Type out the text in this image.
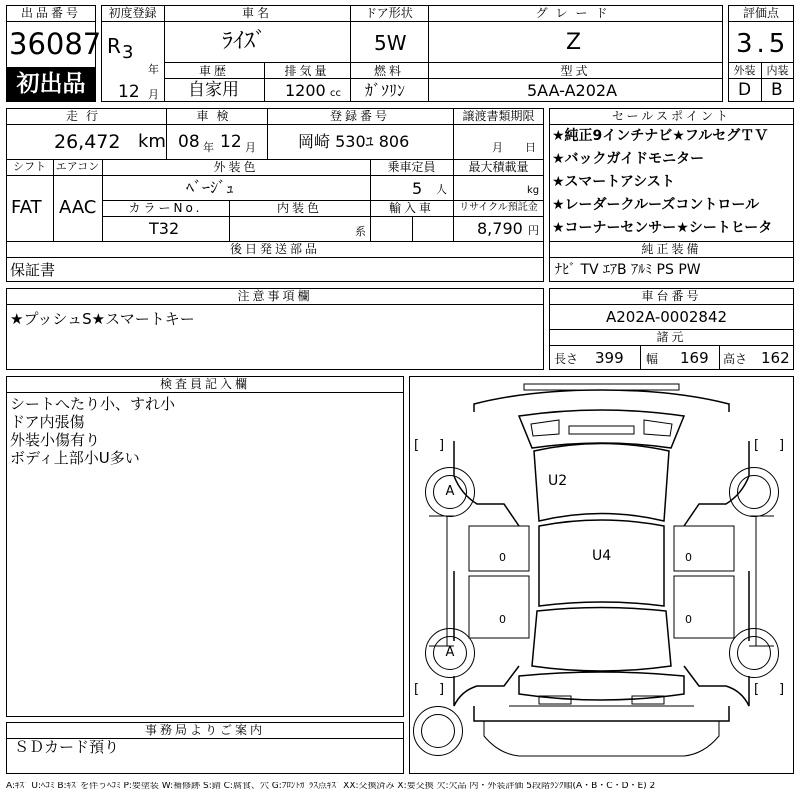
出品番号
36087
初出品
初度登録
R 3
年
12 月
車名
ﾗｲｽﾞ
ドア形状
5W
グレード
Z
車歴
自家用
排気量
1200 cc
燃料
ｶﾞｿﾘﾝ
型式
5AA-A202A
評価点
3.5
外装	内装
D B
走行
26,472 km
車検
08 年 12 月
登録番号
岡崎 530ﾕ 806
譲渡書類期限
月 日
シフト
FAT
エアコン
AAC
外装色
ﾍﾞｰｼﾞｭ
乗車定員
5 人
最大積載量
kg
カラーNo.
T32
内装色
系
輸入車	リサイクル預託金
8,790 円
後日発送部品
保証書
セールスポイント
★純正9インチナビ★フルセグＴＶ
★バックガイドモニター
★スマートアシスト
★レーダークルーズコントロール
★コーナーセンサー★シートヒータ
純正装備
ﾅﾋﾞ TV ｴｱB ｱﾙﾐ PS PW
注意事項欄
★プッシュS★スマートキー
車台番号
A202A-0002842
諸元
長さ 399 幅 169 高さ 162
検査員記入欄
シートへたり小、すれ小
ドア内張傷
外装小傷有り
ボディ上部小U多い
[ ]	[ ]
[ ]	[ ]
0
0
0
0
U2
U4
A
A
事務局よりご案内
ＳＤカード預り
A:ｷｽﾞ U:ﾍｺﾐ B:ｷｽﾞを伴うﾍｺﾐ P:要塗装 W:補修跡 S:錆 C:腐食、穴 G:ﾌﾛﾝﾄｶﾞﾗｽ点ｷｽﾞ XX:交換済み X:要交換 欠:欠品 内・外装評価 5段階ﾗﾝｸ順(A・B・C・D・E) 2
